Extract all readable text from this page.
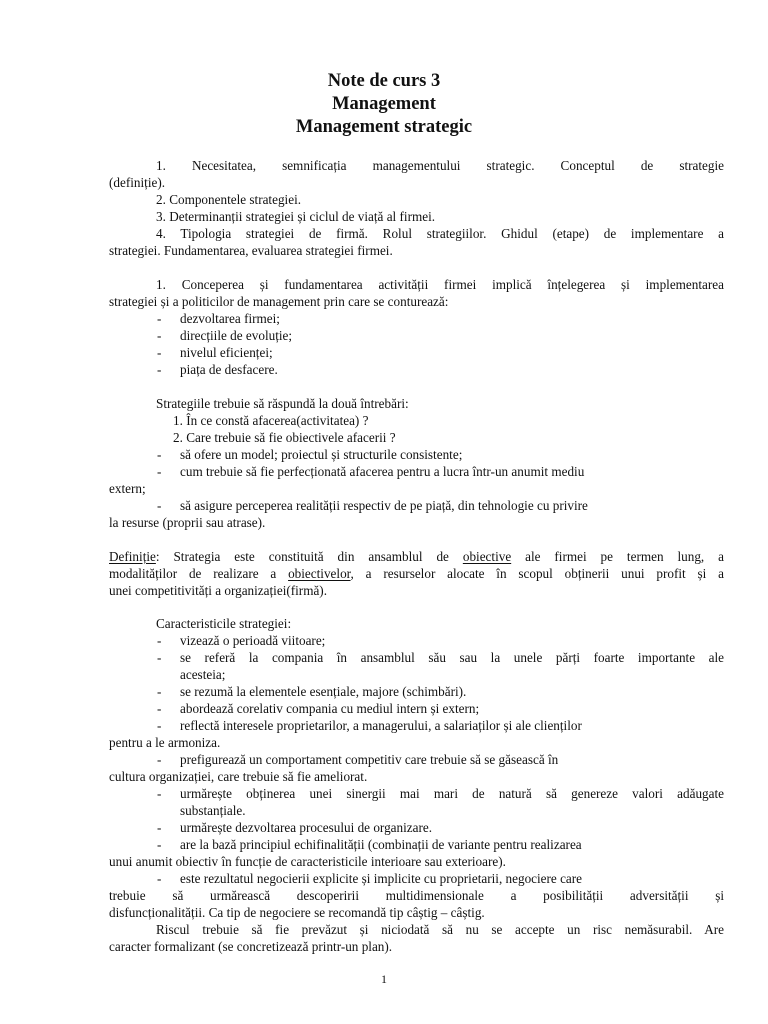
Note de curs 3
Management
Management strategic
1. Necesitatea, semnificația managementului strategic. Conceptul de strategie
(definiție).
2. Componentele strategiei.
3. Determinanții strategiei și ciclul de viață al firmei.
4. Tipologia strategiei de firmă. Rolul strategiilor. Ghidul (etape) de implementare a
strategiei. Fundamentarea, evaluarea strategiei firmei.
1. Conceperea și fundamentarea activității firmei implică înțelegerea și implementarea
strategiei și a politicilor de management prin care se conturează:
- dezvoltarea firmei;
- direcțiile de evoluție;
- nivelul eficienței;
- piața de desfacere.
Strategiile trebuie să răspundă la două întrebări:
1. În ce constă afacerea(activitatea) ?
2. Care trebuie să fie obiectivele afacerii ?
- să ofere un model; proiectul și structurile consistente;
- cum trebuie să fie perfecționată afacerea pentru a lucra într-un anumit mediu
extern;
- să asigure perceperea realității respectiv de pe piață, din tehnologie cu privire
la resurse (proprii sau atrase).
Definiție: Strategia este constituită din ansamblul de obiective ale firmei pe termen lung, a
modalităților de realizare a obiectivelor, a resurselor alocate în scopul obținerii unui profit și a
unei competitivități a organizației(firmă).
Caracteristicile strategiei:
- vizează o perioadă viitoare;
- se referă la compania în ansamblul său sau la unele părți foarte importante ale
acesteia;
- se rezumă la elementele esențiale, majore (schimbări).
- abordează corelativ compania cu mediul intern și extern;
- reflectă interesele proprietarilor, a managerului, a salariaților și ale clienților
pentru a le armoniza.
- prefigurează un comportament competitiv care trebuie să se găsească în
cultura organizației, care trebuie să fie ameliorat.
- urmărește obținerea unei sinergii mai mari de natură să genereze valori adăugate
substanțiale.
- urmărește dezvoltarea procesului de organizare.
- are la bază principiul echifinalității (combinații de variante pentru realizarea
unui anumit obiectiv în funcție de caracteristicile interioare sau exterioare).
- este rezultatul negocierii explicite și implicite cu proprietarii, negociere care
trebuie să urmărească descoperirii multidimensionale a posibilității adversității și
disfuncționalității. Ca tip de negociere se recomandă tip câștig – câștig.
Riscul trebuie să fie prevăzut și niciodată să nu se accepte un risc nemăsurabil. Are
caracter formalizant (se concretizează printr-un plan).
1
